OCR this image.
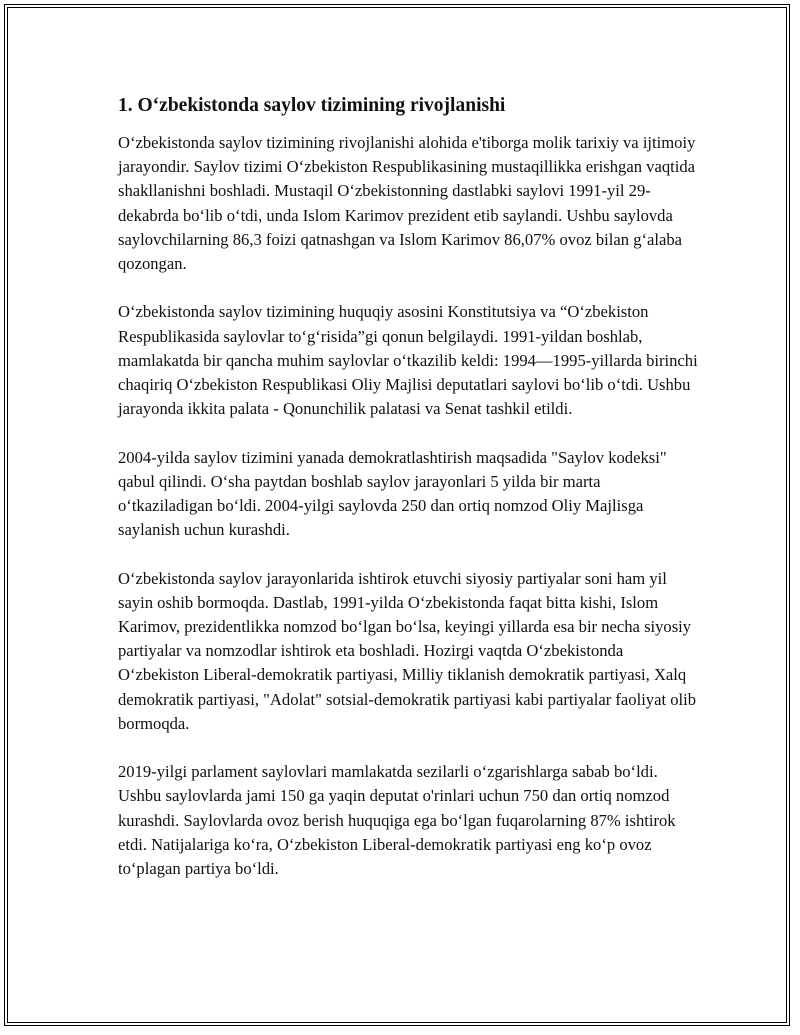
1. O‘zbekistonda saylov tizimining rivojlanishi

O‘zbekistonda saylov tizimining rivojlanishi alohida e'tiborga molik tarixiy va ijtimoiy jarayondir. Saylov tizimi O‘zbekiston Respublikasining mustaqillikka erishgan vaqtida shakllanishni boshladi. Mustaqil O‘zbekistonning dastlabki saylovi 1991-yil 29-dekabrda bo‘lib o‘tdi, unda Islom Karimov prezident etib saylandi. Ushbu saylovda saylovchilarning 86,3 foizi qatnashgan va Islom Karimov 86,07% ovoz bilan g‘alaba qozongan.

O‘zbekistonda saylov tizimining huquqiy asosini Konstitutsiya va “O‘zbekiston Respublikasida saylovlar to‘g‘risida”gi qonun belgilaydi. 1991-yildan boshlab, mamlakatda bir qancha muhim saylovlar o‘tkazilib keldi: 1994—1995-yillarda birinchi chaqiriq O‘zbekiston Respublikasi Oliy Majlisi deputatlari saylovi bo‘lib o‘tdi. Ushbu jarayonda ikkita palata - Qonunchilik palatasi va Senat tashkil etildi.

2004-yilda saylov tizimini yanada demokratlashtirish maqsadida "Saylov kodeksi" qabul qilindi. O‘sha paytdan boshlab saylov jarayonlari 5 yilda bir marta o‘tkaziladigan bo‘ldi. 2004-yilgi saylovda 250 dan ortiq nomzod Oliy Majlisga saylanish uchun kurashdi.

O‘zbekistonda saylov jarayonlarida ishtirok etuvchi siyosiy partiyalar soni ham yil sayin oshib bormoqda. Dastlab, 1991-yilda O‘zbekistonda faqat bitta kishi, Islom Karimov, prezidentlikka nomzod bo‘lgan bo‘lsa, keyingi yillarda esa bir necha siyosiy partiyalar va nomzodlar ishtirok eta boshladi. Hozirgi vaqtda O‘zbekistonda O‘zbekiston Liberal-demokratik partiyasi, Milliy tiklanish demokratik partiyasi, Xalq demokratik partiyasi, "Adolat" sotsial-demokratik partiyasi kabi partiyalar faoliyat olib bormoqda.

2019-yilgi parlament saylovlari mamlakatda sezilarli o‘zgarishlarga sabab bo‘ldi. Ushbu saylovlarda jami 150 ga yaqin deputat o'rinlari uchun 750 dan ortiq nomzod kurashdi. Saylovlarda ovoz berish huquqiga ega bo‘lgan fuqarolarning 87% ishtirok etdi. Natijalariga ko‘ra, O‘zbekiston Liberal-demokratik partiyasi eng ko‘p ovoz to‘plagan partiya bo‘ldi.
